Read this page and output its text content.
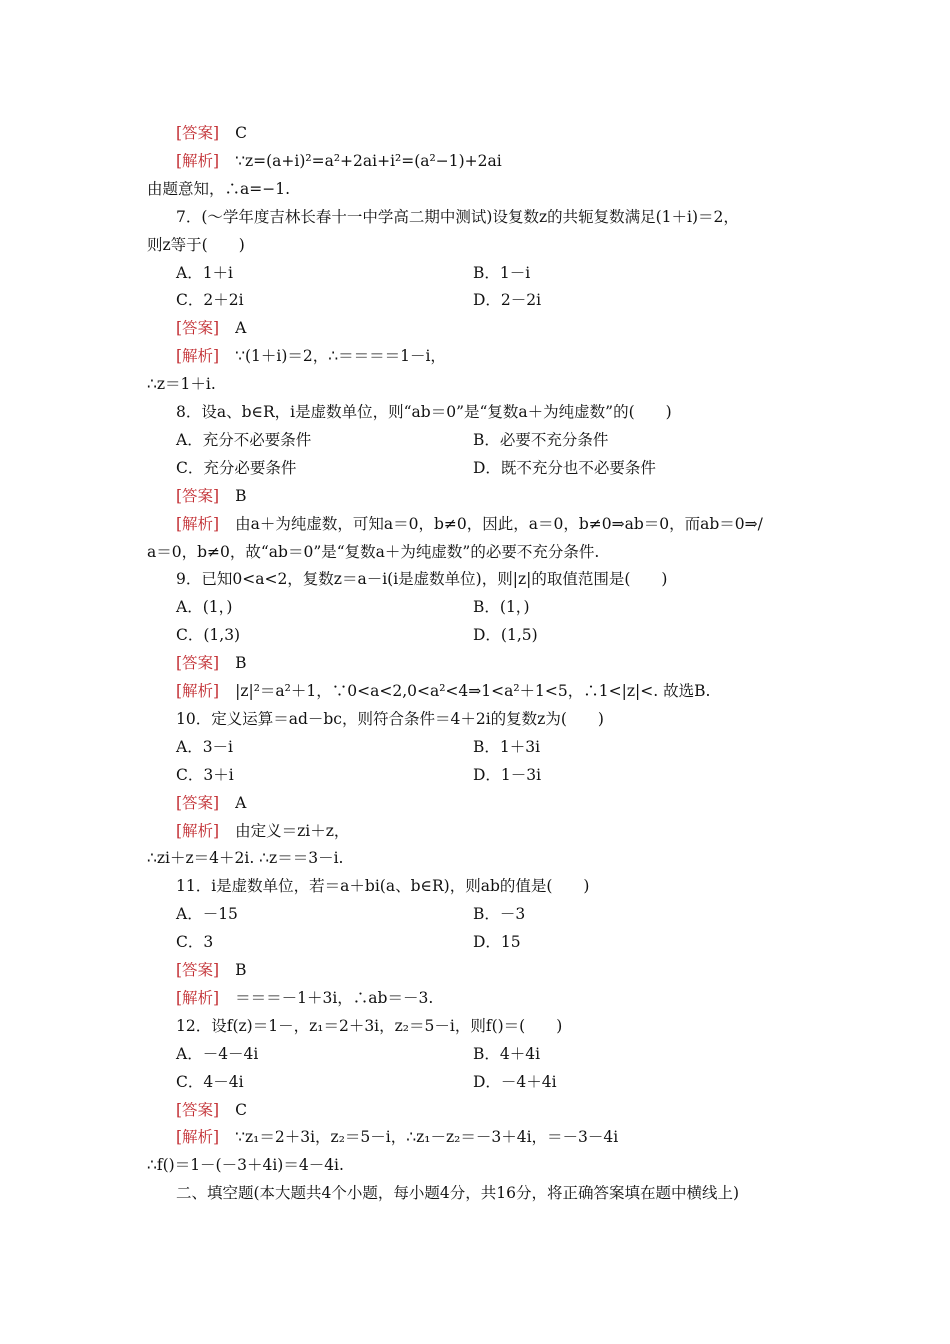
[答案] C
[解析] ∵z=(a+i)²=a²+2ai+i²=(a²−1)+2ai
由题意知，∴a=−1.
7．(～学年度吉林长春十一中学高二期中测试)设复数z的共轭复数满足(1＋i)＝2，
则z等于(　　)
A．1＋i	B．1－i
C．2＋2i	D．2－2i
[答案] A
[解析] ∵(1＋i)＝2，∴＝＝＝＝1－i，
∴z＝1＋i.
8．设a、b∈R，i是虚数单位，则“ab＝0”是“复数a＋为纯虚数”的(　　)
A．充分不必要条件	B．必要不充分条件
C．充分必要条件	D．既不充分也不必要条件
[答案] B
[解析] 由a＋为纯虚数，可知a＝0，b≠0，因此，a＝0，b≠0⇒ab＝0，而ab＝0⇒/
a＝0，b≠0，故“ab＝0”是“复数a＋为纯虚数”的必要不充分条件.
9．已知0<a<2，复数z＝a－i(i是虚数单位)，则|z|的取值范围是(　　)
A．(1，)	B．(1，)
C．(1,3)	D．(1,5)
[答案] B
[解析] |z|²＝a²＋1，∵0<a<2,0<a²<4⇒1<a²＋1<5，∴1<|z|<. 故选B.
10．定义运算＝ad－bc，则符合条件＝4＋2i的复数z为(　　)
A．3－i	B．1＋3i
C．3＋i	D．1－3i
[答案] A
[解析] 由定义＝zi＋z，
∴zi＋z＝4＋2i. ∴z＝＝3－i.
11．i是虚数单位，若＝a＋bi(a、b∈R)，则ab的值是(　　)
A．－15	B．－3
C．3	D．15
[答案] B
[解析] ＝＝＝－1＋3i，∴ab＝－3.
12．设f(z)＝1－，z₁＝2＋3i，z₂＝5－i，则f()＝(　　)
A．－4－4i	B．4＋4i
C．4－4i	D．－4＋4i
[答案] C
[解析] ∵z₁＝2＋3i，z₂＝5－i，∴z₁－z₂＝－3＋4i，＝－3－4i
∴f()＝1－(－3＋4i)＝4－4i.
二、填空题(本大题共4个小题，每小题4分，共16分，将正确答案填在题中横线上)
